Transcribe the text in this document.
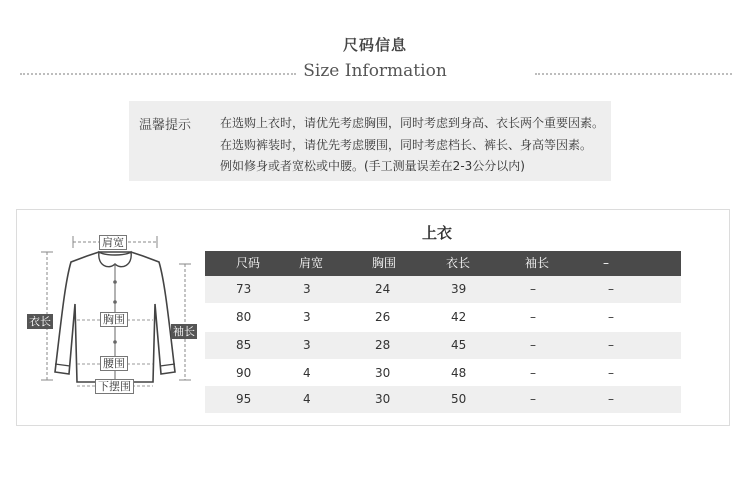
尺码信息
Size Information
温馨提示 在选购上衣时，请优先考虑胸围，同时考虑到身高、衣长两个重要因素。
在选购裤装时，请优先考虑腰围，同时考虑档长、裤长、身高等因素。
例如修身或者宽松或中腰。(手工测量误差在2-3公分以内)
肩宽
衣长	胸围
袖长
腰围
下摆围
上衣
尺码	肩宽	胸围	衣长	袖长	–
73	3	24	39	–	–
80	3	26	42	–	–
85	3	28	45	–	–
90	4	30	48	–	–
95	4	30	50	–	–
